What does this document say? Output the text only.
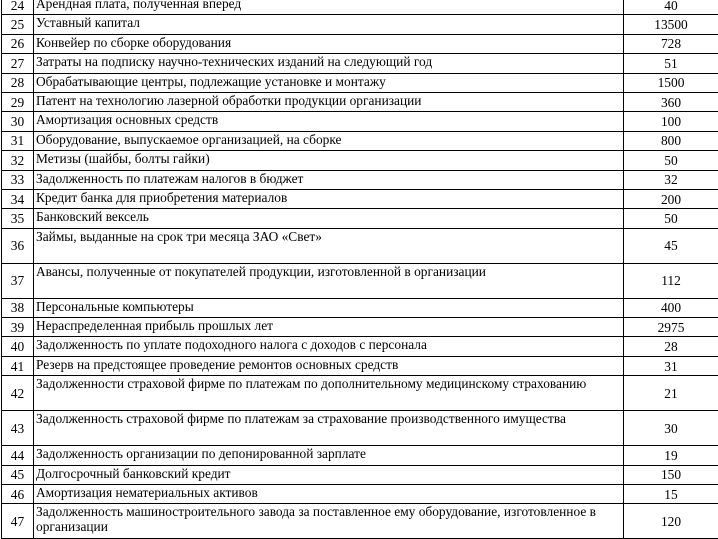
24	Арендная плата, полученная вперед	40
25	Уставный капитал	13500
26	Конвейер по сборке оборудования	728
27	Затраты на подписку научно-технических изданий на следующий год	51
28	Обрабатывающие центры, подлежащие установке и монтажу	1500
29	Патент на технологию лазерной обработки продукции организации	360
30	Амортизация основных средств	100
31	Оборудование, выпускаемое организацией, на сборке	800
32	Метизы (шайбы, болты гайки)	50
33	Задолженность по платежам налогов в бюджет	32
34	Кредит банка для приобретения материалов	200
35	Банковский вексель	50
36	Займы, выданные на срок три месяца ЗАО «Свет»	45
37	Авансы, полученные от покупателей продукции, изготовленной в организации	112
38	Персональные компьютеры	400
39	Нераспределенная прибыль прошлых лет	2975
40	Задолженность по уплате подоходного налога с доходов с персонала	28
41	Резерв на предстоящее проведение ремонтов основных средств	31
42	Задолженности страховой фирме по платежам по дополнительному медицинскому страхованию	21
43	Задолженность страховой фирме по платежам за страхование производственного имущества	30
44	Задолженность организации по депонированной зарплате	19
45	Долгосрочный банковский кредит	150
46	Амортизация нематериальных активов	15
47	Задолженность машиностроительного завода за поставленное ему оборудование, изготовленное в организации	120
